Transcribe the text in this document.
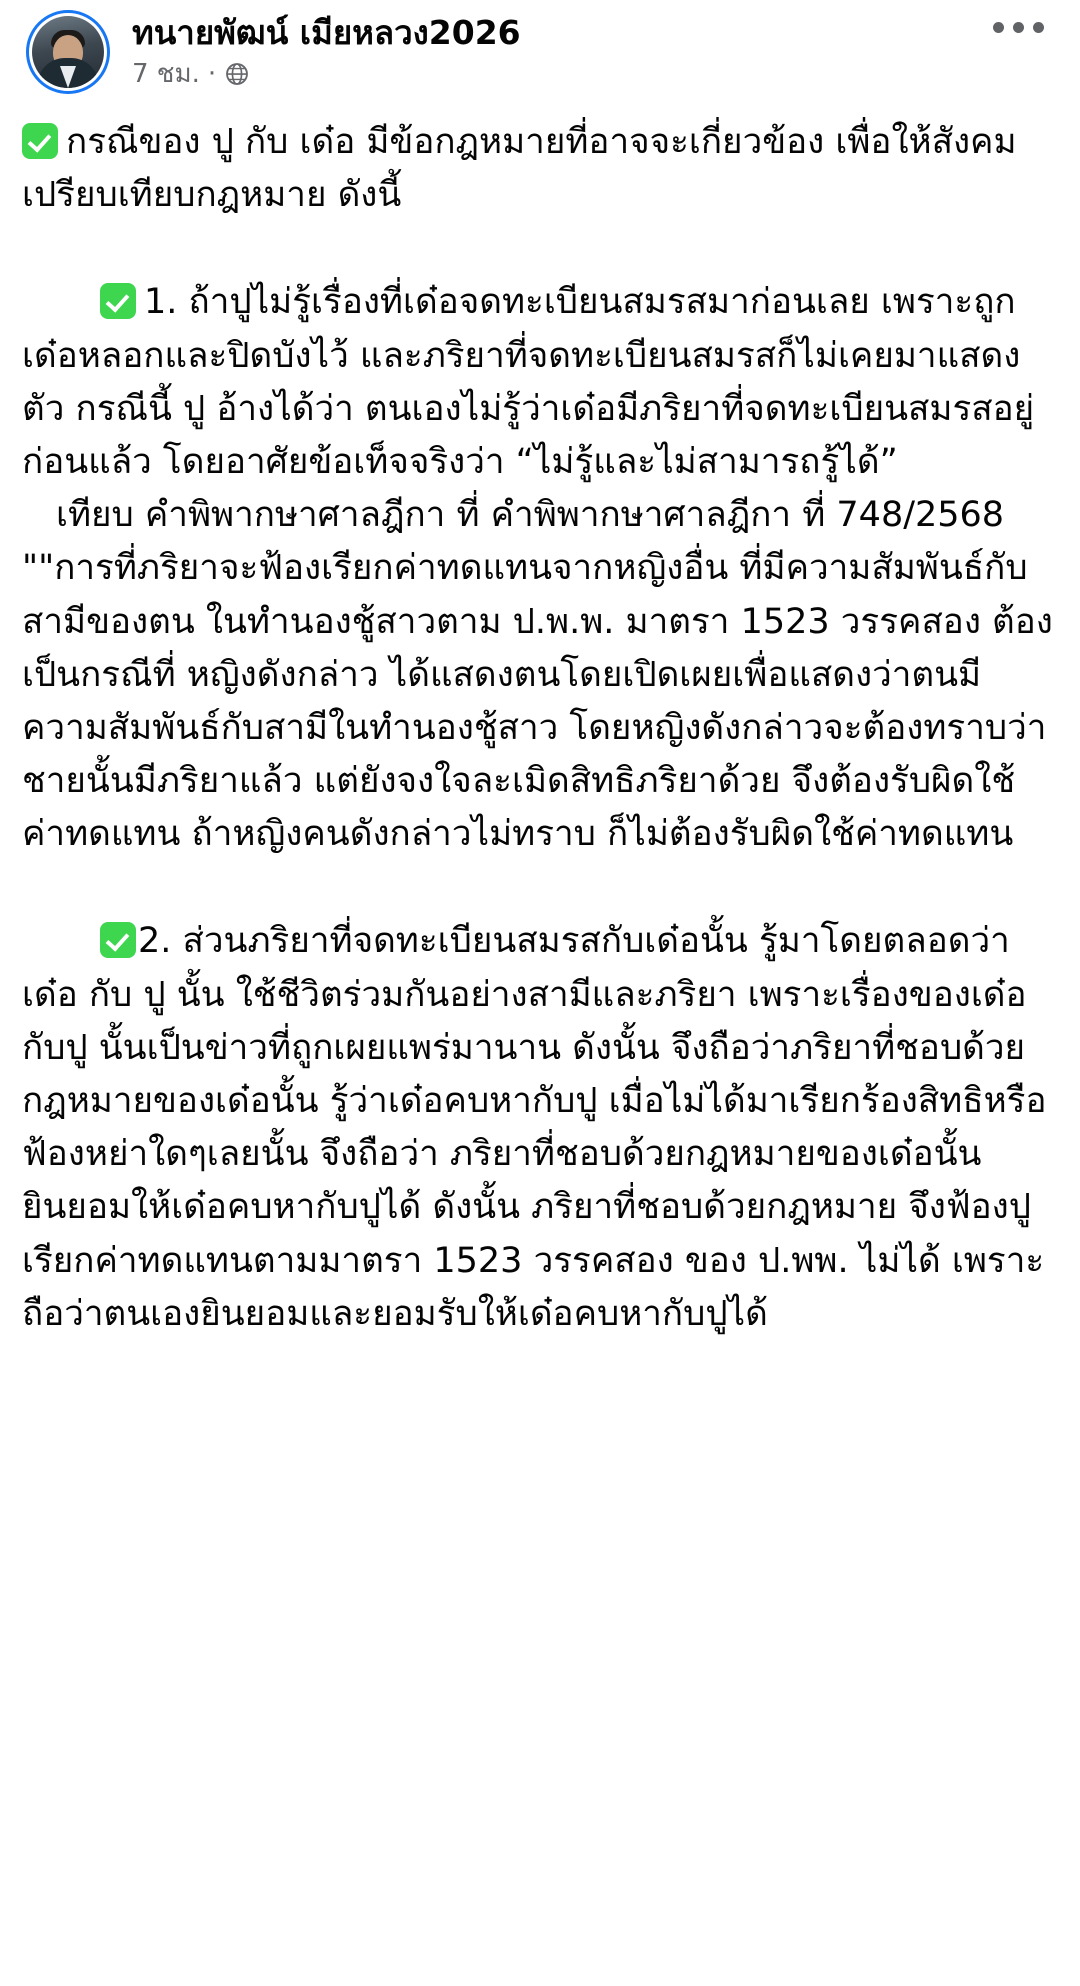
ทนายพัฒน์ เมียหลวง2026
7 ชม. ·

กรณีของ ปู กับ เด๋อ มีข้อกฎหมายที่อาจจะเกี่ยวข้อง เพื่อให้สังคมเปรียบเทียบกฎหมาย ดังนี้

1. ถ้าปูไม่รู้เรื่องที่เด๋อจดทะเบียนสมรสมาก่อนเลย เพราะถูกเด๋อหลอกและปิดบังไว้ และภริยาที่จดทะเบียนสมรสก็ไม่เคยมาแสดงตัว กรณีนี้ ปู อ้างได้ว่า ตนเองไม่รู้ว่าเด๋อมีภริยาที่จดทะเบียนสมรสอยู่ก่อนแล้ว โดยอาศัยข้อเท็จจริงว่า “ไม่รู้และไม่สามารถรู้ได้”

เทียบ คำพิพากษาศาลฎีกา ที่ คำพิพากษาศาลฎีกา ที่ 748/2568

""การที่ภริยาจะฟ้องเรียกค่าทดแทนจากหญิงอื่น ที่มีความสัมพันธ์กับสามีของตน ในทำนองชู้สาวตาม ป.พ.พ. มาตรา 1523 วรรคสอง ต้องเป็นกรณีที่ หญิงดังกล่าว ได้แสดงตนโดยเปิดเผยเพื่อแสดงว่าตนมีความสัมพันธ์กับสามีในทำนองชู้สาว โดยหญิงดังกล่าวจะต้องทราบว่าชายนั้นมีภริยาแล้ว แต่ยังจงใจละเมิดสิทธิภริยาด้วย จึงต้องรับผิดใช้ค่าทดแทน ถ้าหญิงคนดังกล่าวไม่ทราบ ก็ไม่ต้องรับผิดใช้ค่าทดแทน

2. ส่วนภริยาที่จดทะเบียนสมรสกับเด๋อนั้น รู้มาโดยตลอดว่า เด๋อ กับ ปู นั้น ใช้ชีวิตร่วมกันอย่างสามีและภริยา เพราะเรื่องของเด๋อกับปู นั้นเป็นข่าวที่ถูกเผยแพร่มานาน ดังนั้น จึงถือว่าภริยาที่ชอบด้วยกฎหมายของเด๋อนั้น รู้ว่าเด๋อคบหากับปู เมื่อไม่ได้มาเรียกร้องสิทธิหรือฟ้องหย่าใดๆเลยนั้น จึงถือว่า ภริยาที่ชอบด้วยกฎหมายของเด๋อนั้น ยินยอมให้เด๋อคบหากับปูได้ ดังนั้น ภริยาที่ชอบด้วยกฎหมาย จึงฟ้องปู เรียกค่าทดแทนตามมาตรา 1523 วรรคสอง ของ ป.พพ. ไม่ได้ เพราะถือว่าตนเองยินยอมและยอมรับให้เด๋อคบหากับปูได้
